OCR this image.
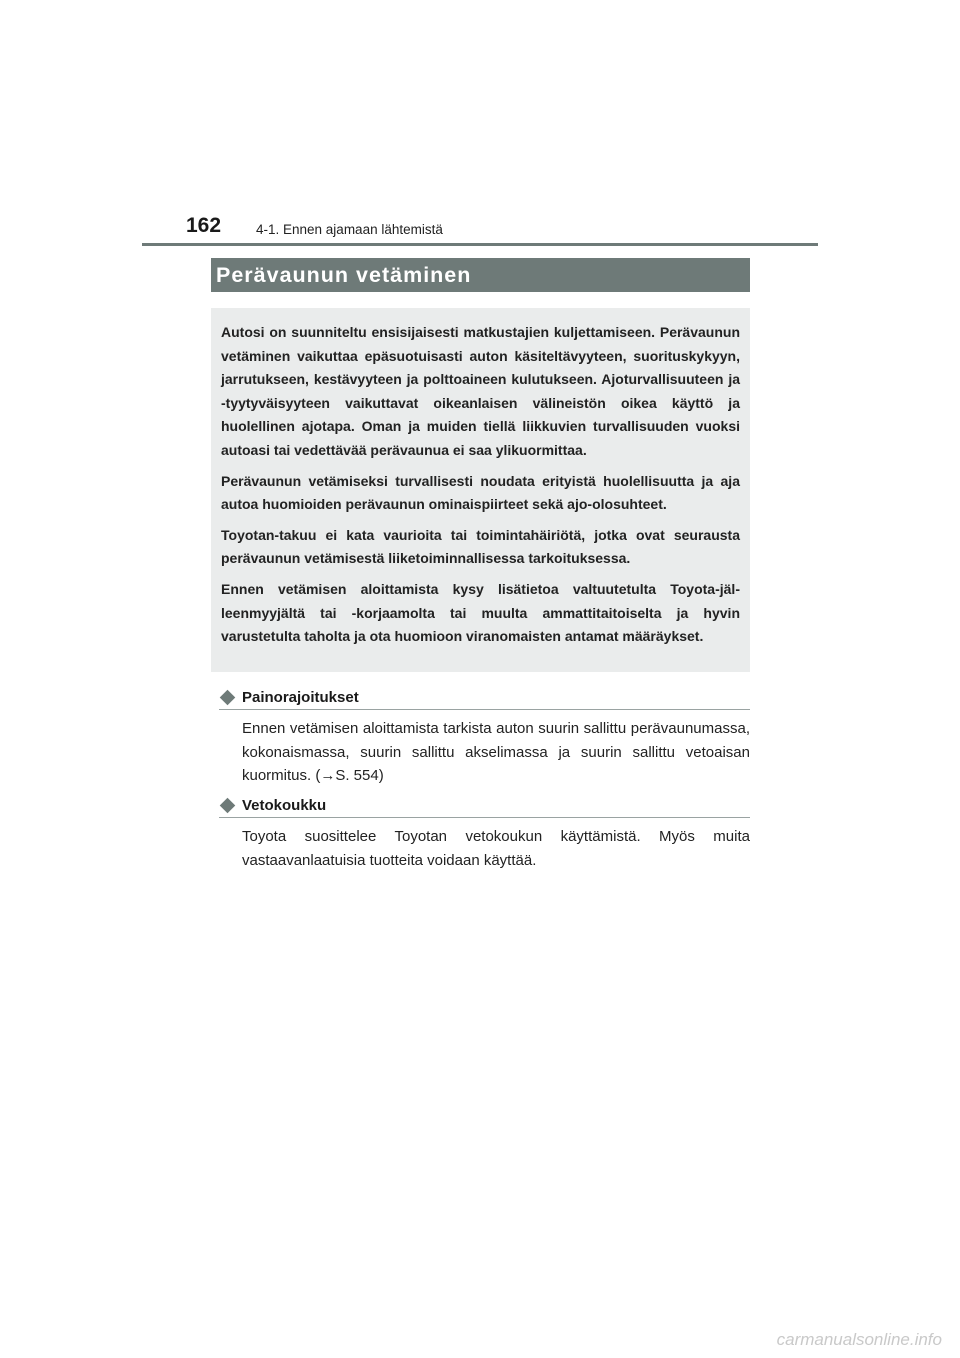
162	4-1. Ennen ajamaan lähtemistä
Perävaunun vetäminen

Autosi on suunniteltu ensisijaisesti matkustajien kuljettamiseen. Perävaunun vetäminen vaikuttaa epäsuotuisasti auton käsiteltävyyteen, suorituskykyyn, jarrutukseen, kestävyyteen ja polttoaineen kulutukseen. Ajoturvallisuuteen ja -tyytyväisyyteen vaikuttavat oikeanlaisen välineistön oikea käyttö ja huolellinen ajotapa. Oman ja muiden tiellä liikkuvien turvallisuuden vuoksi autoasi tai vedettävää perävaunua ei saa ylikuormittaa.

Perävaunun vetämiseksi turvallisesti noudata erityistä huolellisuutta ja aja autoa huomioiden perävaunun ominaispiirteet sekä ajo-olosuhteet.

Toyotan-takuu ei kata vaurioita tai toimintahäiriötä, jotka ovat seurausta perävaunun vetämisestä liiketoiminnallisessa tarkoituksessa.

Ennen vetämisen aloittamista kysy lisätietoa valtuutetulta Toyota-jälleenmyyjältä tai -korjaamolta tai muulta ammattitaitoiselta ja hyvin varustetulta taholta ja ota huomioon viranomaisten antamat määräykset.

Painorajoitukset
Ennen vetämisen aloittamista tarkista auton suurin sallittu perävaunumassa, kokonaismassa, suurin sallittu akselimassa ja suurin sallittu vetoaisan kuormitus. (→S. 554)
Vetokoukku
Toyota suosittelee Toyotan vetokoukun käyttämistä. Myös muita vastaavanlaatuisia tuotteita voidaan käyttää.
carmanualsonline.info
